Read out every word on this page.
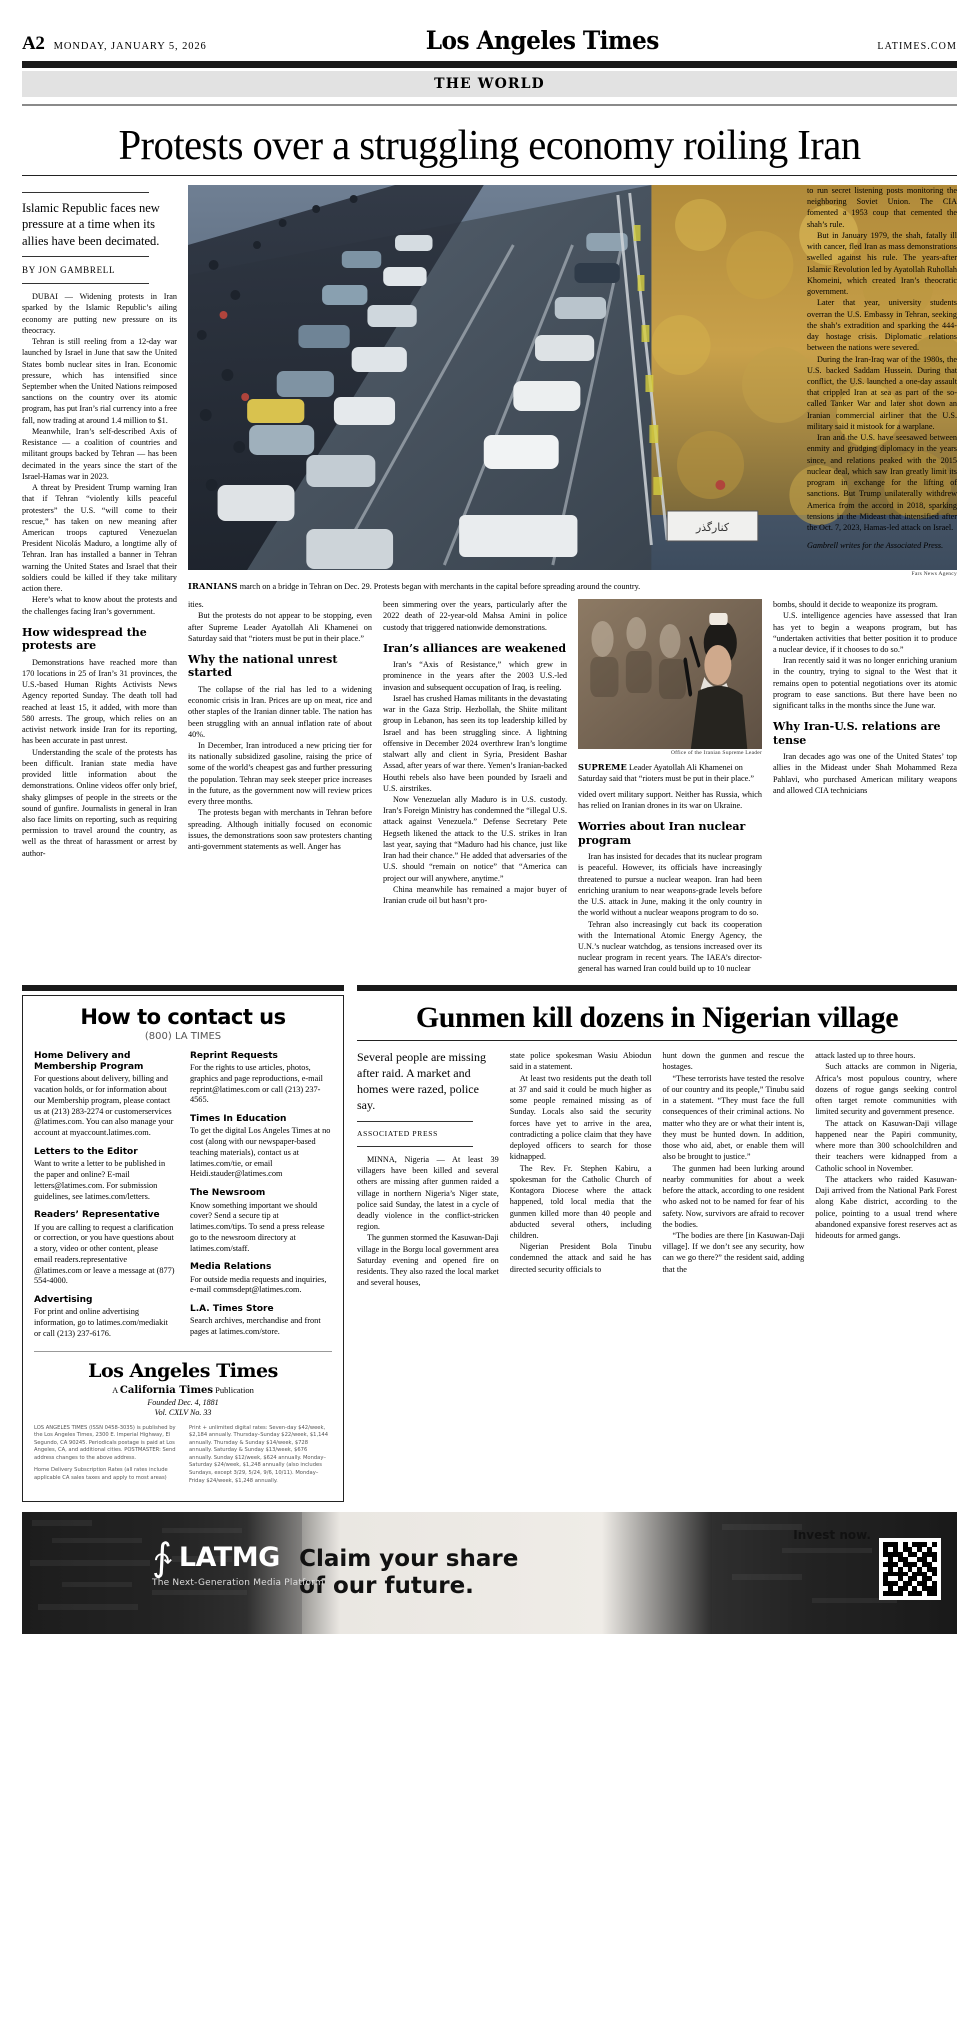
A2 MONDAY, JANUARY 5, 2026	Los Angeles Times	LATIMES.COM
THE WORLD
Protests over a struggling economy roiling Iran
Islamic Republic faces new pressure at a time when its allies have been decimated.
BY JON GAMBRELL

DUBAI — Widening protests in Iran sparked by the Islamic Republic’s ailing economy are putting new pressure on its theocracy.

Tehran is still reeling from a 12-day war launched by Israel in June that saw the United States bomb nuclear sites in Iran. Economic pressure, which has intensified since September when the United Nations reimposed sanctions on the country over its atomic program, has put Iran’s rial currency into a free fall, now trading at around 1.4 million to $1.

Meanwhile, Iran’s self-described Axis of Resistance — a coalition of countries and militant groups backed by Tehran — has been decimated in the years since the start of the Israel-Hamas war in 2023.

A threat by President Trump warning Iran that if Tehran “violently kills peaceful protesters” the U.S. “will come to their rescue,” has taken on new meaning after American troops captured Venezuelan President Nicolás Maduro, a longtime ally of Tehran. Iran has installed a banner in Tehran warning the United States and Israel that their soldiers could be killed if they take military action there.

Here’s what to know about the protests and the challenges facing Iran’s government.

How widespread the protests are

Demonstrations have reached more than 170 locations in 25 of Iran’s 31 provinces, the U.S.-based Human Rights Activists News Agency reported Sunday. The death toll had reached at least 15, it added, with more than 580 arrests. The group, which relies on an activist network inside Iran for its reporting, has been accurate in past unrest.

Understanding the scale of the protests has been difficult. Iranian state media have provided little information about the demonstrations. Online videos offer only brief, shaky glimpses of people in the streets or the sound of gunfire. Journalists in general in Iran also face limits on reporting, such as requiring permission to travel around the country, as well as the threat of harassment or arrest by author-

کنارگذر
Fars News Agency
IRANIANS march on a bridge in Tehran on Dec. 29. Protests began with merchants in the capital before spreading around the country.

ities.

But the protests do not appear to be stopping, even after Supreme Leader Ayatollah Ali Khamenei on Saturday said that “rioters must be put in their place.”

Why the national unrest started

The collapse of the rial has led to a widening economic crisis in Iran. Prices are up on meat, rice and other staples of the Iranian dinner table. The nation has been struggling with an annual inflation rate of about 40%.

In December, Iran introduced a new pricing tier for its nationally subsidized gasoline, raising the price of some of the world’s cheapest gas and further pressuring the population. Tehran may seek steeper price increases in the future, as the government now will review prices every three months.

The protests began with merchants in Tehran before spreading. Although initially focused on economic issues, the demonstrations soon saw protesters chanting anti-government statements as well. Anger has

been simmering over the years, particularly after the 2022 death of 22-year-old Mahsa Amini in police custody that triggered nationwide demonstrations.

Iran’s alliances are weakened

Iran’s “Axis of Resistance,” which grew in prominence in the years after the 2003 U.S.-led invasion and subsequent occupation of Iraq, is reeling.

Israel has crushed Hamas militants in the devastating war in the Gaza Strip. Hezbollah, the Shiite militant group in Lebanon, has seen its top leadership killed by Israel and has been struggling since. A lightning offensive in December 2024 overthrew Iran’s longtime stalwart ally and client in Syria, President Bashar Assad, after years of war there. Yemen’s Iranian-backed Houthi rebels also have been pounded by Israeli and U.S. airstrikes.

Now Venezuelan ally Maduro is in U.S. custody. Iran’s Foreign Ministry has condemned the “illegal U.S. attack against Venezuela.” Defense Secretary Pete Hegseth likened the attack to the U.S. strikes in Iran last year, saying that “Maduro had his chance, just like Iran had their chance.” He added that adversaries of the U.S. should “remain on notice” that “America can project our will anywhere, anytime.”

China meanwhile has remained a major buyer of Iranian crude oil but hasn’t pro-

Office of the Iranian Supreme Leader
SUPREME Leader Ayatollah Ali Khamenei on Saturday said that “rioters must be put in their place.”

vided overt military support. Neither has Russia, which has relied on Iranian drones in its war on Ukraine.

Worries about Iran nuclear program

Iran has insisted for decades that its nuclear program is peaceful. However, its officials have increasingly threatened to pursue a nuclear weapon. Iran had been enriching uranium to near weapons-grade levels before the U.S. attack in June, making it the only country in the world without a nuclear weapons program to do so.

Tehran also increasingly cut back its cooperation with the International Atomic Energy Agency, the U.N.’s nuclear watchdog, as tensions increased over its nuclear program in recent years. The IAEA’s director-general has warned Iran could build up to 10 nuclear

bombs, should it decide to weaponize its program.

U.S. intelligence agencies have assessed that Iran has yet to begin a weapons program, but has “undertaken activities that better position it to produce a nuclear device, if it chooses to do so.”

Iran recently said it was no longer enriching uranium in the country, trying to signal to the West that it remains open to potential negotiations over its atomic program to ease sanctions. But there have been no significant talks in the months since the June war.

Why Iran-U.S. relations are tense

Iran decades ago was one of the United States’ top allies in the Mideast under Shah Mohammed Reza Pahlavi, who purchased American military weapons and allowed CIA technicians

to run secret listening posts monitoring the neighboring Soviet Union. The CIA fomented a 1953 coup that cemented the shah’s rule.

But in January 1979, the shah, fatally ill with cancer, fled Iran as mass demonstrations swelled against his rule. The years-after Islamic Revolution led by Ayatollah Ruhollah Khomeini, which created Iran’s theocratic government.

Later that year, university students overran the U.S. Embassy in Tehran, seeking the shah’s extradition and sparking the 444-day hostage crisis. Diplomatic relations between the nations were severed.

During the Iran-Iraq war of the 1980s, the U.S. backed Saddam Hussein. During that conflict, the U.S. launched a one-day assault that crippled Iran at sea as part of the so-called Tanker War and later shot down an Iranian commercial airliner that the U.S. military said it mistook for a warplane.

Iran and the U.S. have seesawed between enmity and grudging diplomacy in the years since, and relations peaked with the 2015 nuclear deal, which saw Iran greatly limit its program in exchange for the lifting of sanctions. But Trump unilaterally withdrew America from the accord in 2018, sparking tensions in the Mideast that intensified after the Oct. 7, 2023, Hamas-led attack on Israel.

Gambrell writes for the Associated Press.

How to contact us
(800) LA TIMES
Home Delivery and Membership Program
For questions about delivery, billing and vacation holds, or for information about our Membership program, please contact us at (213) 283-2274 or customerservices @latimes.com. You can also manage your account at myaccount.latimes.com.
Letters to the Editor
Want to write a letter to be published in the paper and online? E-mail letters@latimes.com. For submission guidelines, see latimes.com/letters.
Readers’ Representative
If you are calling to request a clarification or correction, or you have questions about a story, video or other content, please email readers.representative @latimes.com or leave a message at (877) 554-4000.
Advertising
For print and online advertising information, go to latimes.com/mediakit or call (213) 237-6176.
Reprint Requests
For the rights to use articles, photos, graphics and page reproductions, e-mail reprint@latimes.com or call (213) 237-4565.
Times In Education
To get the digital Los Angeles Times at no cost (along with our newspaper-based teaching materials), contact us at latimes.com/tie, or email Heidi.stauder@latimes.com
The Newsroom
Know something important we should cover? Send a secure tip at latimes.com/tips. To send a press release go to the newsroom directory at latimes.com/staff.
Media Relations
For outside media requests and inquiries, e-mail commsdept@latimes.com.
L.A. Times Store
Search archives, merchandise and front pages at latimes.com/store.
Los Angeles Times
A California Times Publication
Founded Dec. 4, 1881
Vol. CXLV No. 33

LOS ANGELES TIMES (ISSN 0458-3035) is published by the Los Angeles Times, 2300 E. Imperial Highway, El Segundo, CA 90245. Periodicals postage is paid at Los Angeles, CA, and additional cities. POSTMASTER: Send address changes to the above address.

Home Delivery Subscription Rates (all rates include applicable CA sales taxes and apply to most areas)

Print + unlimited digital rates: Seven-day $42/week, $2,184 annually. Thursday–Sunday $22/week, $1,144 annually. Thursday & Sunday $14/week, $728 annually. Saturday & Sunday $13/week, $676 annually. Sunday $12/week, $624 annually. Monday–Saturday $24/week, $1,248 annually (also includes Sundays, except 3/29, 5/24, 9/6, 10/11). Monday–Friday $24/week, $1,248 annually.

Gunmen kill dozens in Nigerian village
Several people are missing after raid. A market and homes were razed, police say.
ASSOCIATED PRESS

MINNA, Nigeria — At least 39 villagers have been killed and several others are missing after gunmen raided a village in northern Nigeria’s Niger state, police said Sunday, the latest in a cycle of deadly violence in the conflict-stricken region.

The gunmen stormed the Kasuwan-Daji village in the Borgu local government area Saturday evening and opened fire on residents. They also razed the local market and several houses,

state police spokesman Wasiu Abiodun said in a statement.

At least two residents put the death toll at 37 and said it could be much higher as some people remained missing as of Sunday. Locals also said the security forces have yet to arrive in the area, contradicting a police claim that they have deployed officers to search for those kidnapped.

The Rev. Fr. Stephen Kabiru, a spokesman for the Catholic Church of Kontagora Diocese where the attack happened, told local media that the gunmen killed more than 40 people and abducted several others, including children.

Nigerian President Bola Tinubu condemned the attack and said he has directed security officials to

hunt down the gunmen and rescue the hostages.

“These terrorists have tested the resolve of our country and its people,” Tinubu said in a statement. “They must face the full consequences of their criminal actions. No matter who they are or what their intent is, they must be hunted down. In addition, those who aid, abet, or enable them will also be brought to justice.”

The gunmen had been lurking around nearby communities for about a week before the attack, according to one resident who asked not to be named for fear of his safety. Now, survivors are afraid to recover the bodies.

“The bodies are there [in Kasuwan-Daji village]. If we don’t see any security, how can we go there?” the resident said, adding that the

attack lasted up to three hours.

Such attacks are common in Nigeria, Africa’s most populous country, where dozens of rogue gangs seeking control often target remote communities with limited security and government presence.

The attack on Kasuwan-Daji village happened near the Papiri community, where more than 300 schoolchildren and their teachers were kidnapped from a Catholic school in November.

The attackers who raided Kasuwan-Daji arrived from the National Park Forest along Kabe district, according to the police, pointing to a usual trend where abandoned expansive forest reserves act as hideouts for armed gangs.

Claim your share
of our future.
∱ LATMG
The Next-Generation Media Platform
Invest now.
